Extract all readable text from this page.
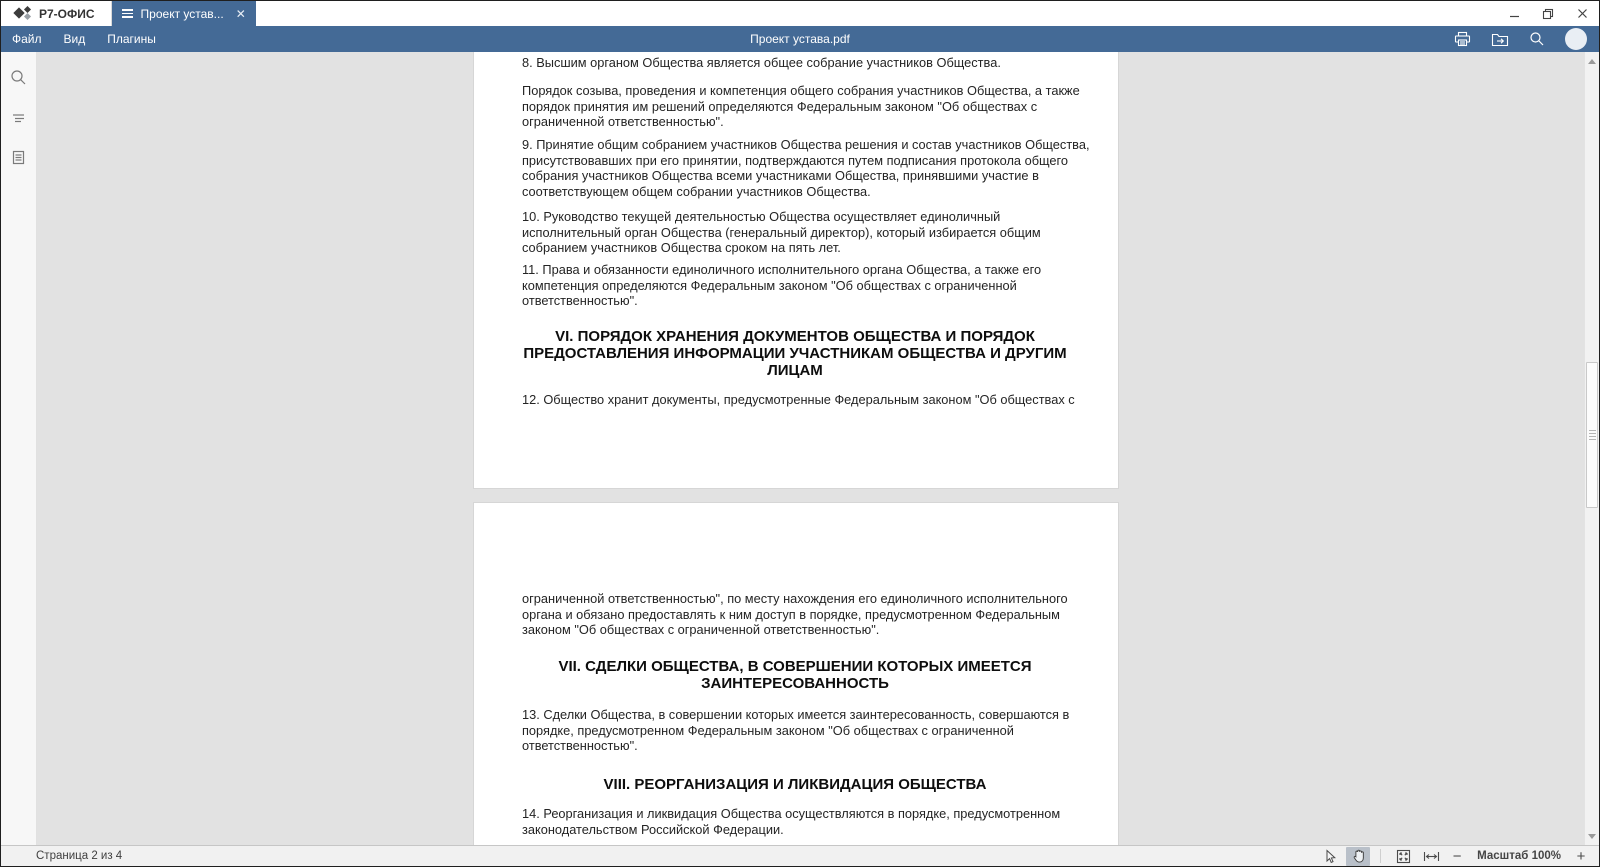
Р7-ОФИС	Проект устав... ✕
Файл Вид Плагины	Проект устава.pdf
8. Высшим органом Общества является общее собрание участников Общества.
Порядок созыва, проведения и компетенция общего собрания участников Общества, а также
порядок принятия им решений определяются Федеральным законом "Об обществах с
ограниченной ответственностью".
9. Принятие общим собранием участников Общества решения и состав участников Общества,
присутствовавших при его принятии, подтверждаются путем подписания протокола общего
собрания участников Общества всеми участниками Общества, принявшими участие в
соответствующем общем собрании участников Общества.
10. Руководство текущей деятельностью Общества осуществляет единоличный
исполнительный орган Общества (генеральный директор), который избирается общим
собранием участников Общества сроком на пять лет.
11. Права и обязанности единоличного исполнительного органа Общества, а также его
компетенция определяются Федеральным законом "Об обществах с ограниченной
ответственностью".
VI. ПОРЯДОК ХРАНЕНИЯ ДОКУМЕНТОВ ОБЩЕСТВА И ПОРЯДОК
ПРЕДОСТАВЛЕНИЯ ИНФОРМАЦИИ УЧАСТНИКАМ ОБЩЕСТВА И ДРУГИМ
ЛИЦАМ
12. Общество хранит документы, предусмотренные Федеральным законом "Об обществах с
ограниченной ответственностью", по месту нахождения его единоличного исполнительного
органа и обязано предоставлять к ним доступ в порядке, предусмотренном Федеральным
законом "Об обществах с ограниченной ответственностью".
VII. СДЕЛКИ ОБЩЕСТВА, В СОВЕРШЕНИИ КОТОРЫХ ИМЕЕТСЯ
ЗАИНТЕРЕСОВАННОСТЬ
13. Сделки Общества, в совершении которых имеется заинтересованность, совершаются в
порядке, предусмотренном Федеральным законом "Об обществах с ограниченной
ответственностью".
VIII. РЕОРГАНИЗАЦИЯ И ЛИКВИДАЦИЯ ОБЩЕСТВА
14. Реорганизация и ликвидация Общества осуществляются в порядке, предусмотренном
законодательством Российской Федерации.
Страница 2 из 4	−	Масштаб 100%	+
